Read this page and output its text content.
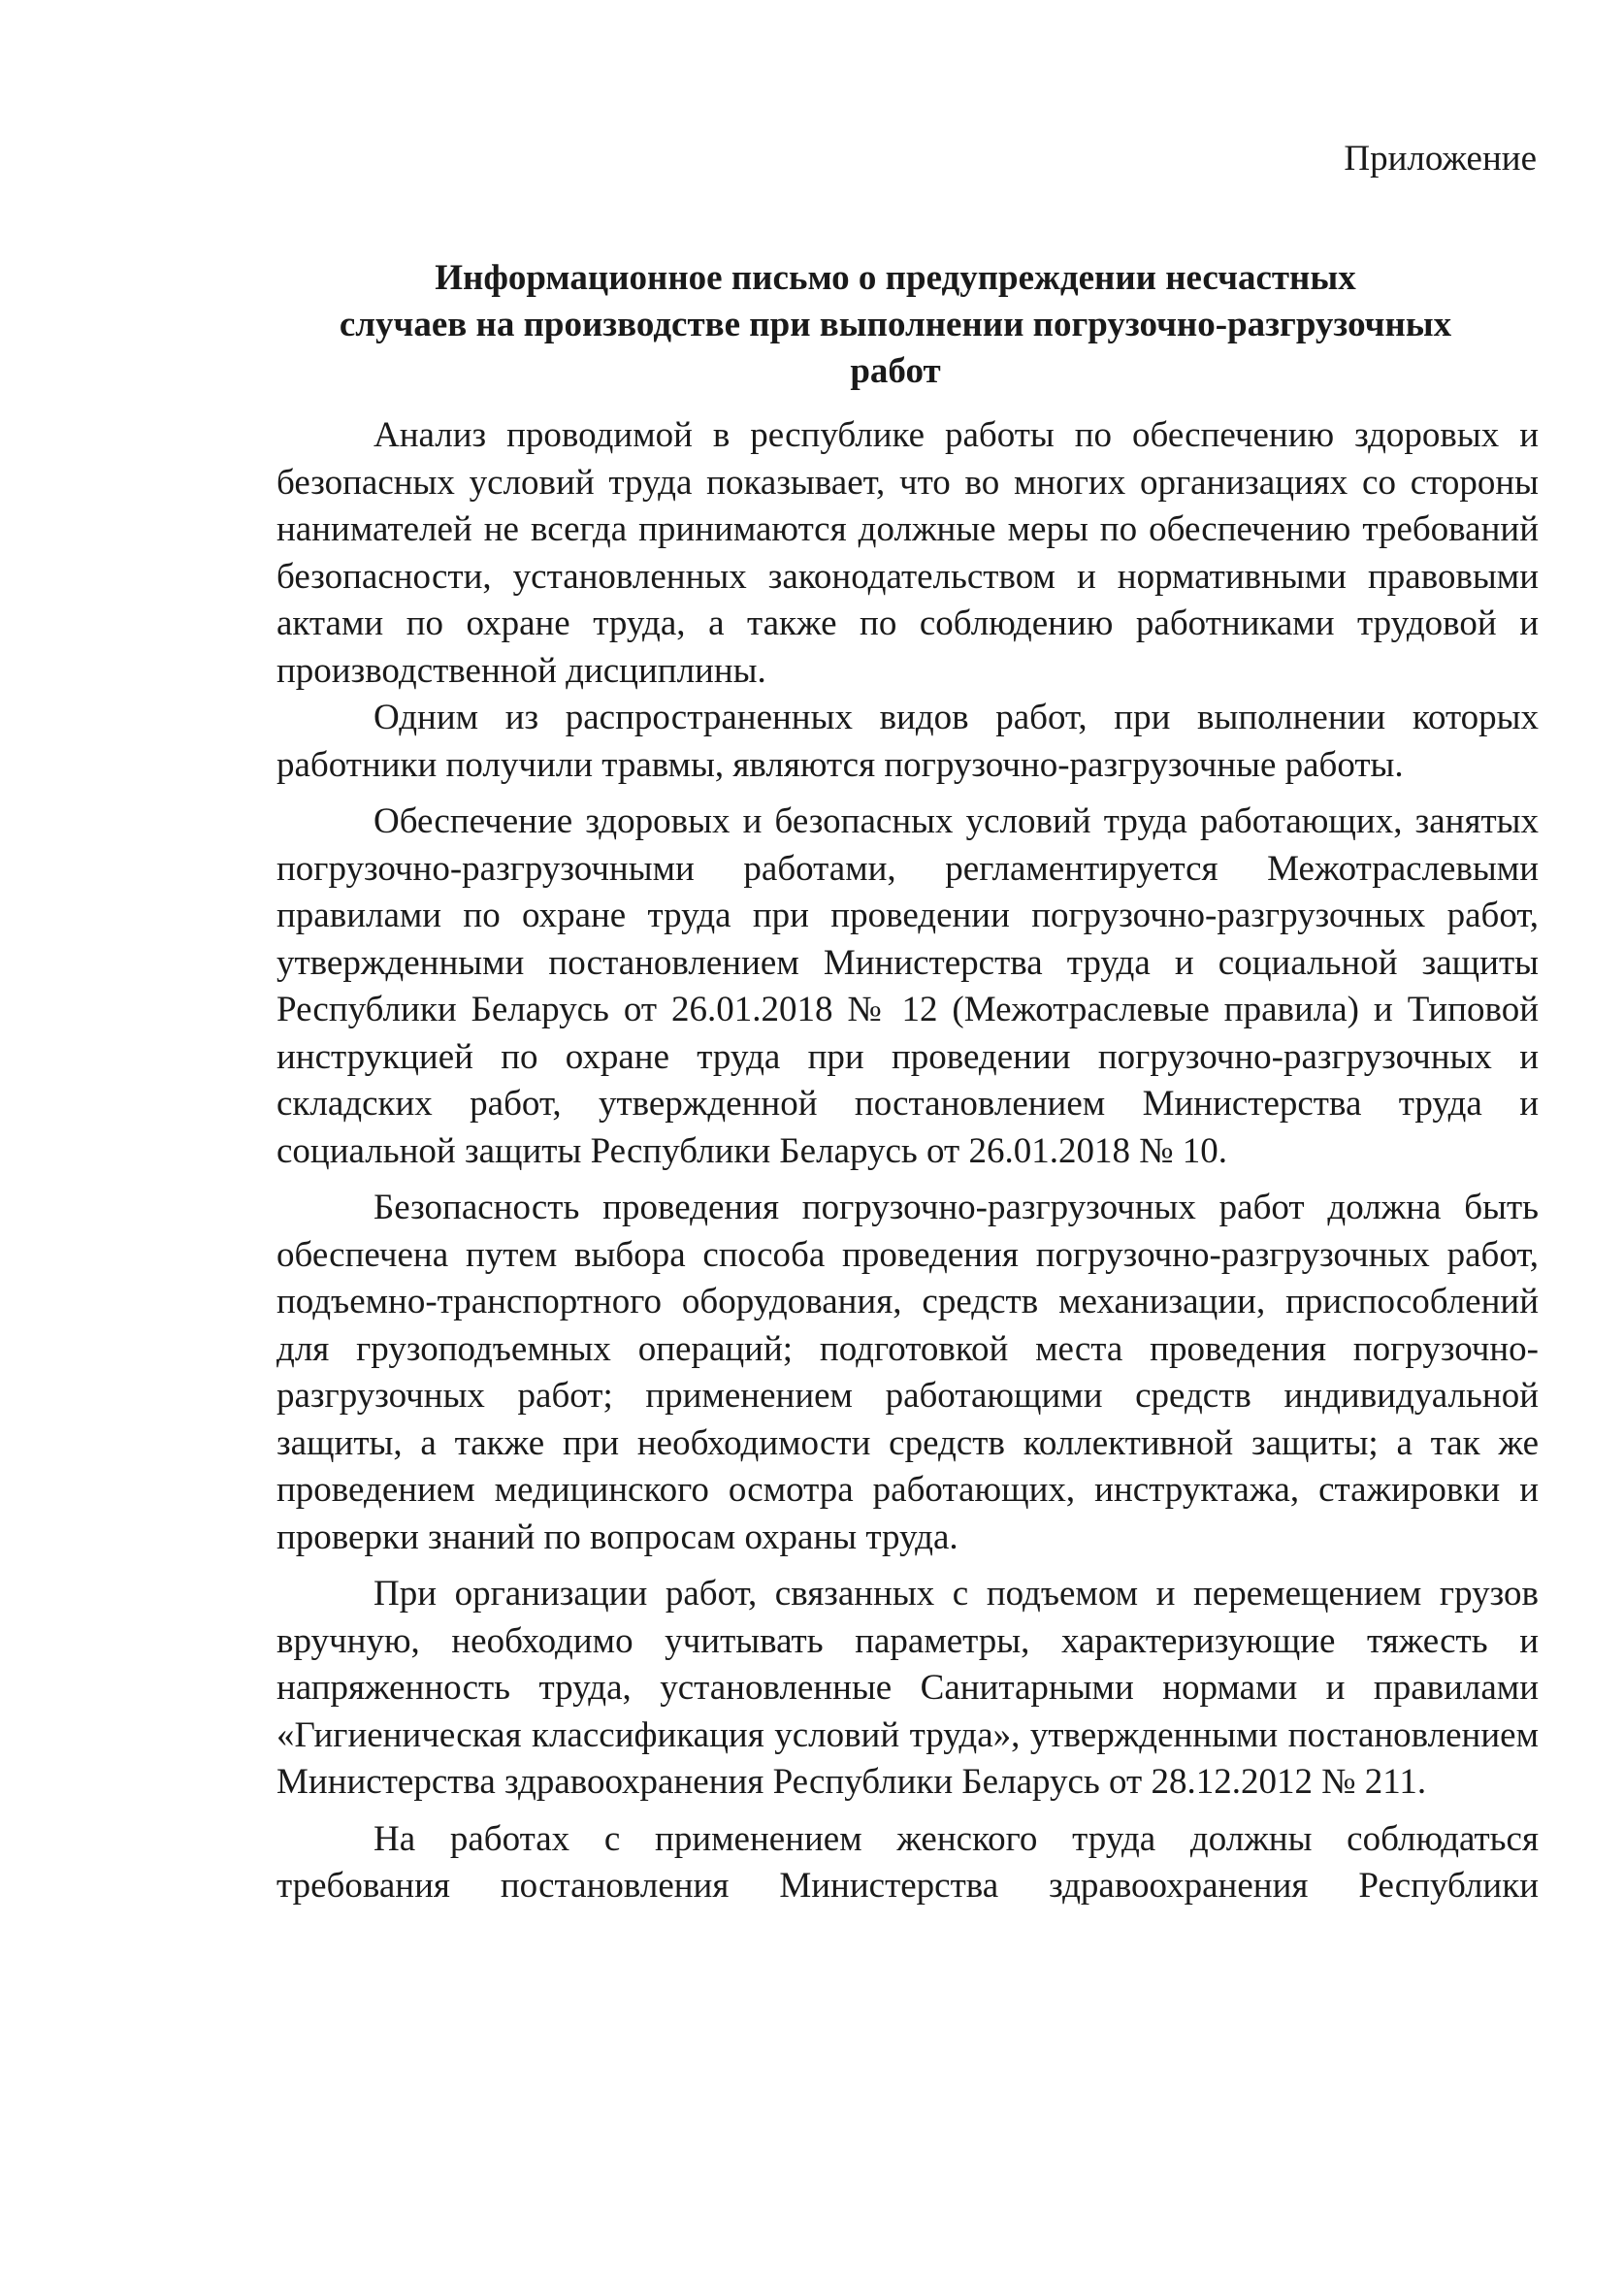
Приложение
Информационное письмо о предупреждении несчастных
случаев на производстве при выполнении погрузочно-разгрузочных
работ

Анализ проводимой в республике работы по обеспечению здоровых и безопасных условий труда показывает, что во многих организациях со стороны нанимателей не всегда принимаются должные меры по обеспечению требований безопасности, установленных законодательством и нормативными правовыми актами по охране труда, а также по соблюдению работниками трудовой и производственной дисциплины.

Одним из распространенных видов работ, при выполнении которых работники получили травмы, являются погрузочно-разгрузочные работы.

Обеспечение здоровых и безопасных условий труда работающих, занятых погрузочно-разгрузочными работами, регламентируется Межотраслевыми правилами по охране труда при проведении погрузочно-разгрузочных работ, утвержденными постановлением Министерства труда и социальной защиты Республики Беларусь от 26.01.2018 № 12 (Межотраслевые правила) и Типовой инструкцией по охране труда при проведении погрузочно-разгрузочных и складских работ, утвержденной постановлением Министерства труда и социальной защиты Республики Беларусь от 26.01.2018 № 10.

Безопасность проведения погрузочно-разгрузочных работ должна быть обеспечена путем выбора способа проведения погрузочно-разгрузочных работ, подъемно-транспортного оборудования, средств механизации, приспособлений для грузоподъемных операций; подготовкой места проведения погрузочно-разгрузочных работ; применением работающими средств индивидуальной защиты, а также при необходимости средств коллективной защиты; а так же проведением медицинского осмотра работающих, инструктажа, стажировки и проверки знаний по вопросам охраны труда.

При организации работ, связанных с подъемом и перемещением грузов вручную, необходимо учитывать параметры, характеризующие тяжесть и напряженность труда, установленные Санитарными нормами и правилами «Гигиеническая классификация условий труда», утвержденными постановлением Министерства здравоохранения Республики Беларусь от 28.12.2012 № 211.

На работах с применением женского труда должны соблюдаться требования постановления Министерства здравоохранения Республики
